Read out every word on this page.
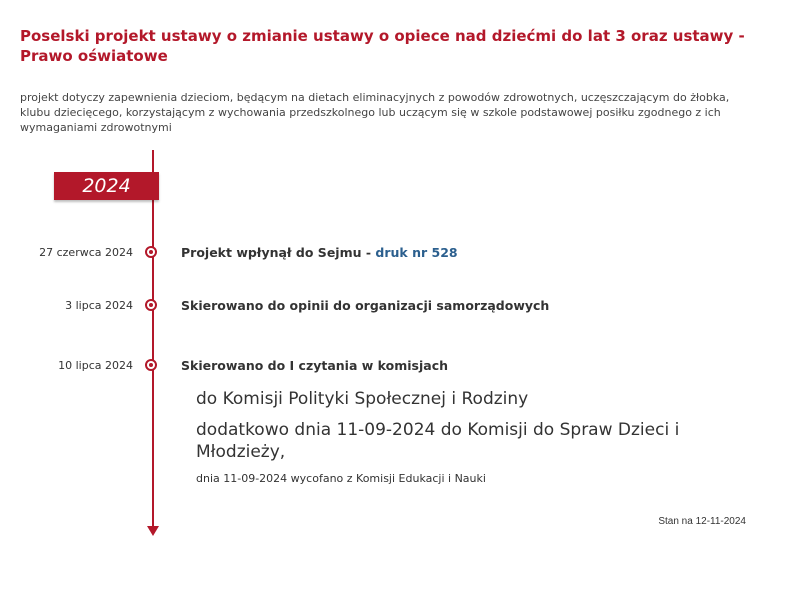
Poselski projekt ustawy o zmianie ustawy o opiece nad dziećmi do lat 3 oraz ustawy - Prawo oświatowe

projekt dotyczy zapewnienia dzieciom, będącym na dietach eliminacyjnych z powodów zdrowotnych, uczęszczającym do żłobka, klubu dziecięcego, korzystającym z wychowania przedszkolnego lub uczącym się w szkole podstawowej posiłku zgodnego z ich wymaganiami zdrowotnymi

2024
27 czerwca 2024	Projekt wpłynął do Sejmu - druk nr 528
3 lipca 2024	Skierowano do opinii do organizacji samorządowych
10 lipca 2024	Skierowano do I czytania w komisjach
do Komisji Polityki Społecznej i Rodziny
dodatkowo dnia 11-09-2024 do Komisji do Spraw Dzieci i Młodzieży,
dnia 11-09-2024 wycofano z Komisji Edukacji i Nauki
Stan na 12-11-2024
